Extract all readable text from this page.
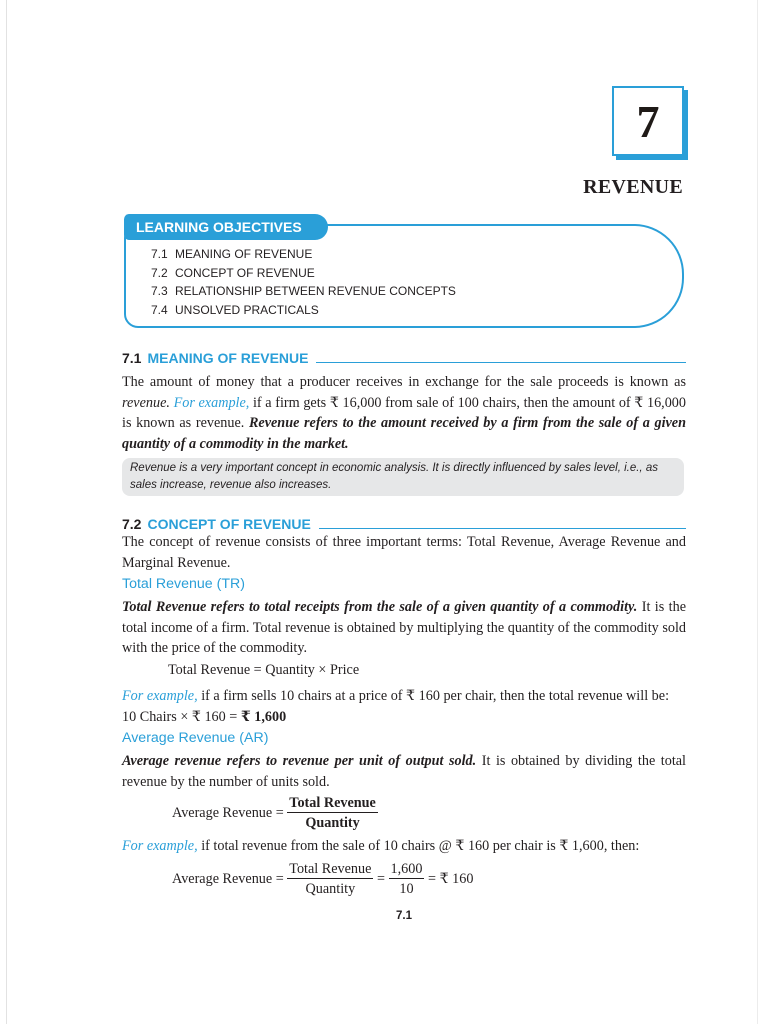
7
REVENUE
LEARNING OBJECTIVES
7.1 MEANING OF REVENUE
7.2 CONCEPT OF REVENUE
7.3 RELATIONSHIP BETWEEN REVENUE CONCEPTS
7.4 UNSOLVED PRACTICALS
7.1 MEANING OF REVENUE
The amount of money that a producer receives in exchange for the sale proceeds is known as revenue. For example, if a firm gets ₹ 16,000 from sale of 100 chairs, then the amount of ₹ 16,000 is known as revenue. Revenue refers to the amount received by a firm from the sale of a given quantity of a commodity in the market.
Revenue is a very important concept in economic analysis. It is directly influenced by sales level, i.e., as sales increase, revenue also increases.
7.2 CONCEPT OF REVENUE
The concept of revenue consists of three important terms: Total Revenue, Average Revenue and Marginal Revenue.
Total Revenue (TR)
Total Revenue refers to total receipts from the sale of a given quantity of a commodity. It is the total income of a firm. Total revenue is obtained by multiplying the quantity of the commodity sold with the price of the commodity.
Total Revenue = Quantity × Price
For example, if a firm sells 10 chairs at a price of ₹ 160 per chair, then the total revenue will be:
10 Chairs × ₹ 160 = ₹ 1,600
Average Revenue (AR)
Average revenue refers to revenue per unit of output sold. It is obtained by dividing the total revenue by the number of units sold.
Average Revenue = $\frac{\text{Total Revenue}}{\text{Quantity}}$
For example, if total revenue from the sale of 10 chairs @ ₹ 160 per chair is ₹ 1,600, then:
Average Revenue = $\frac{\text{Total Revenue}}{\text{Quantity}} = \frac{1,600}{10}$ = ₹ 160
7.1
